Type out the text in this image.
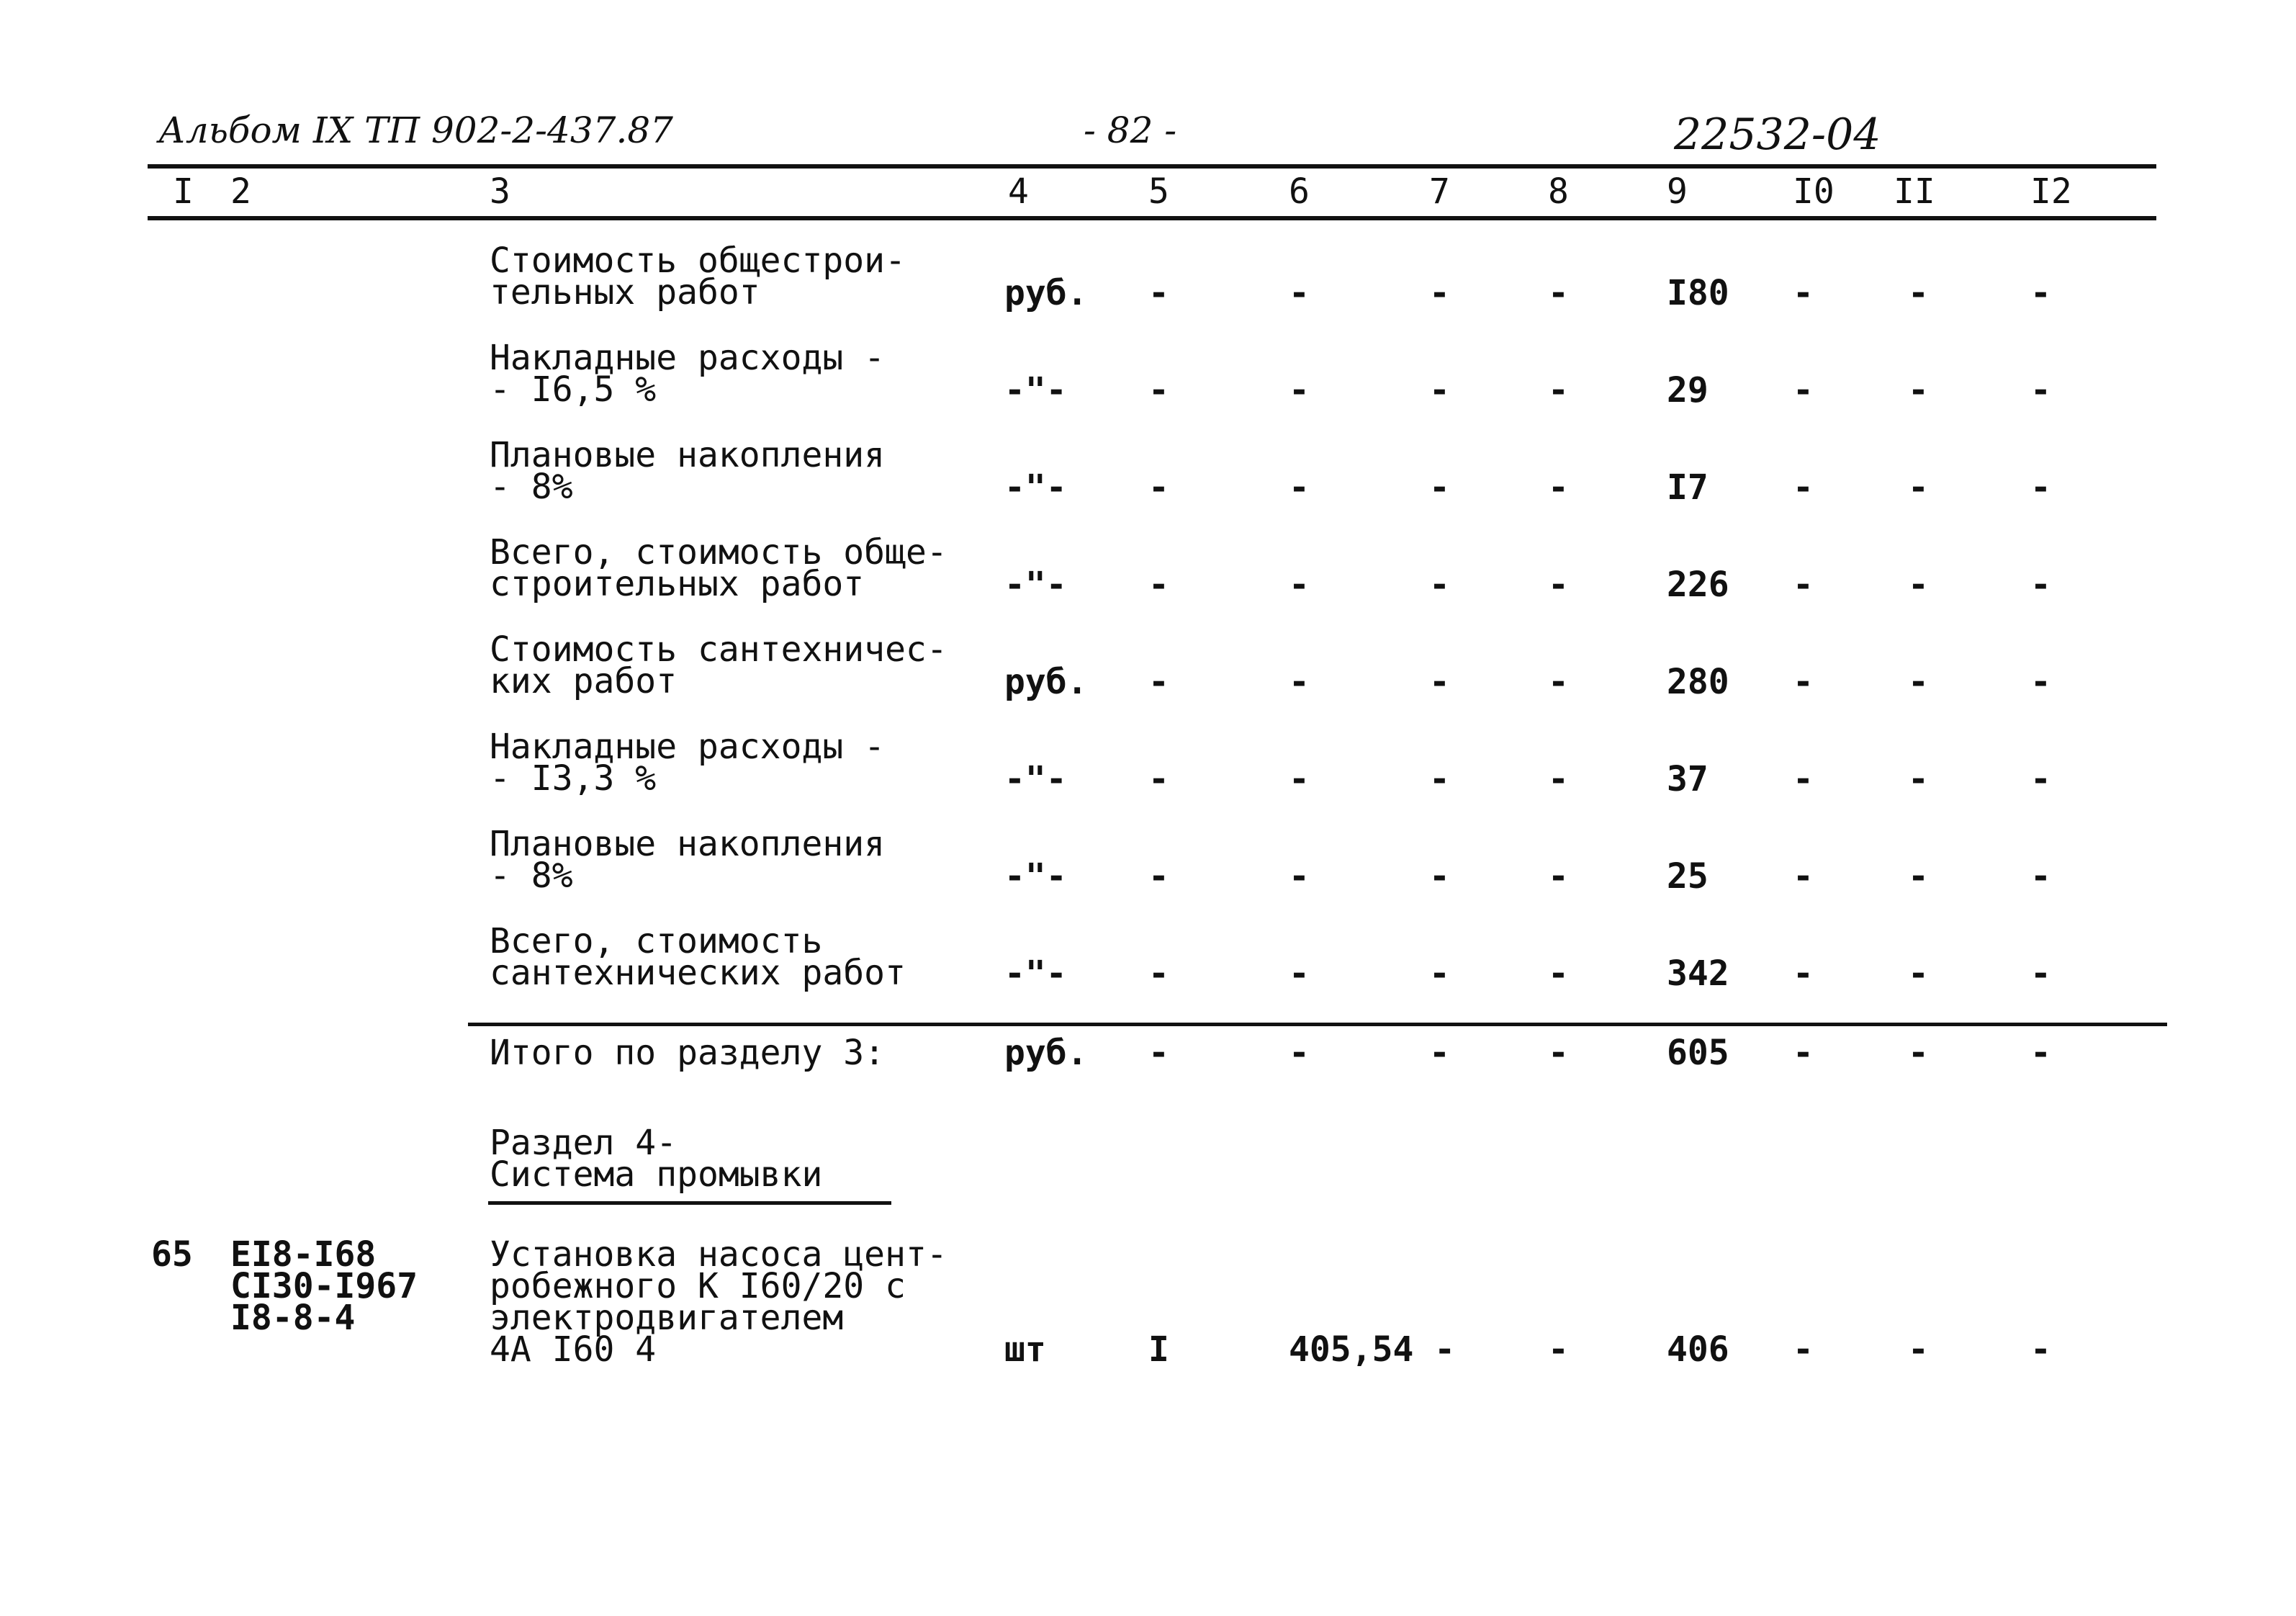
Альбом IX ТП 902-2-437.87	- 82 -	22532-04
I 2	3	4	5	6	7	8	9	I0 II	I2
Стоимость общестрои-
тельных работ	руб. -	-	-	-	I80 -	-	-
Накладные расходы -
- I6,5 %	-"- -	-	-	-	29 -	-	-
Плановые накопления
- 8%	-"- -	-	-	-	I7 -	-	-
Всего, стоимость обще-
строительных работ	-"- -	-	-	-	226 -	-	-
Стоимость сантехничес-
ких работ	руб. -	-	-	-	280 -	-	-
Накладные расходы -
- I3,3 %	-"- -	-	-	-	37 -	-	-
Плановые накопления
- 8%	-"- -	-	-	-	25 -	-	-
Всего, стоимость
сантехнических работ	-"- -	-	-	-	342 -	-	-
Итого по разделу 3:	руб. -	-	-	-	605 -	-	-
Раздел 4-
Система промывки
65 EI8-I68
CI30-I967
I8-8-4
Установка насоса цент-
робежного К I60/20 с
электродвигателем
4А I60 4	шт	I	405,54 -	-	406 -	-	-
